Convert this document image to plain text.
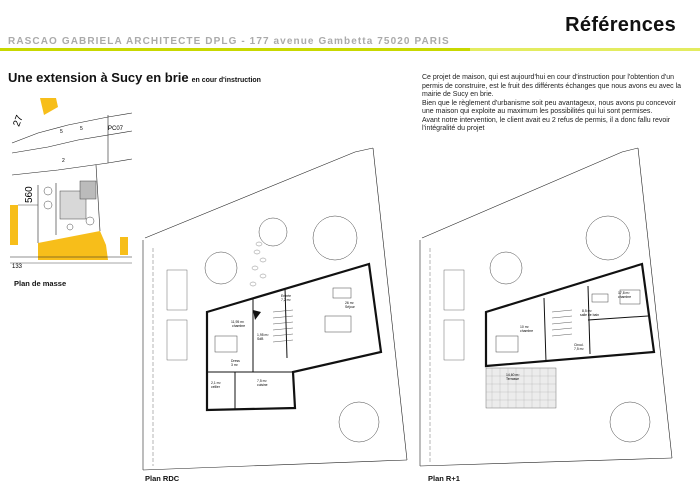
Références
RASCAO GABRIELA ARCHITECTE DPLG - 177 avenue Gambetta 75020 PARIS
Une extension à Sucy en brie en cour d'instruction	Ce projet de maison, qui est aujourd'hui en cour d'instruction pour l'obtention d'un permis de construire, est le fruit des différents échanges que nous avons eu avec la mairie de Sucy en brie.

Bien que le règlement d'urbanisme soit peu avantageux, nous avons pu concevoir une maison qui exploite au maximum les possibilités qui lui sont permises.

Avant notre intervention, le client avait eu 2 refus de permis, il a donc fallu revoir l'intégralité du projet

27
5	5	PC07
2
560
133
Plan de masse
11,95 m²
chambre
Entrée
7,2 m²
26 m²
Séjour
1,95 m²
SdB
Dress
3 m²
2,1 m²
cellier
7,5 m²
cuisine
Plan RDC
17,8 m²
chambre
8,5 m²
salle de bain
10 m²
chambre
Circul.
7,5 m²
14,60 m²
Terrasse
Plan R+1
